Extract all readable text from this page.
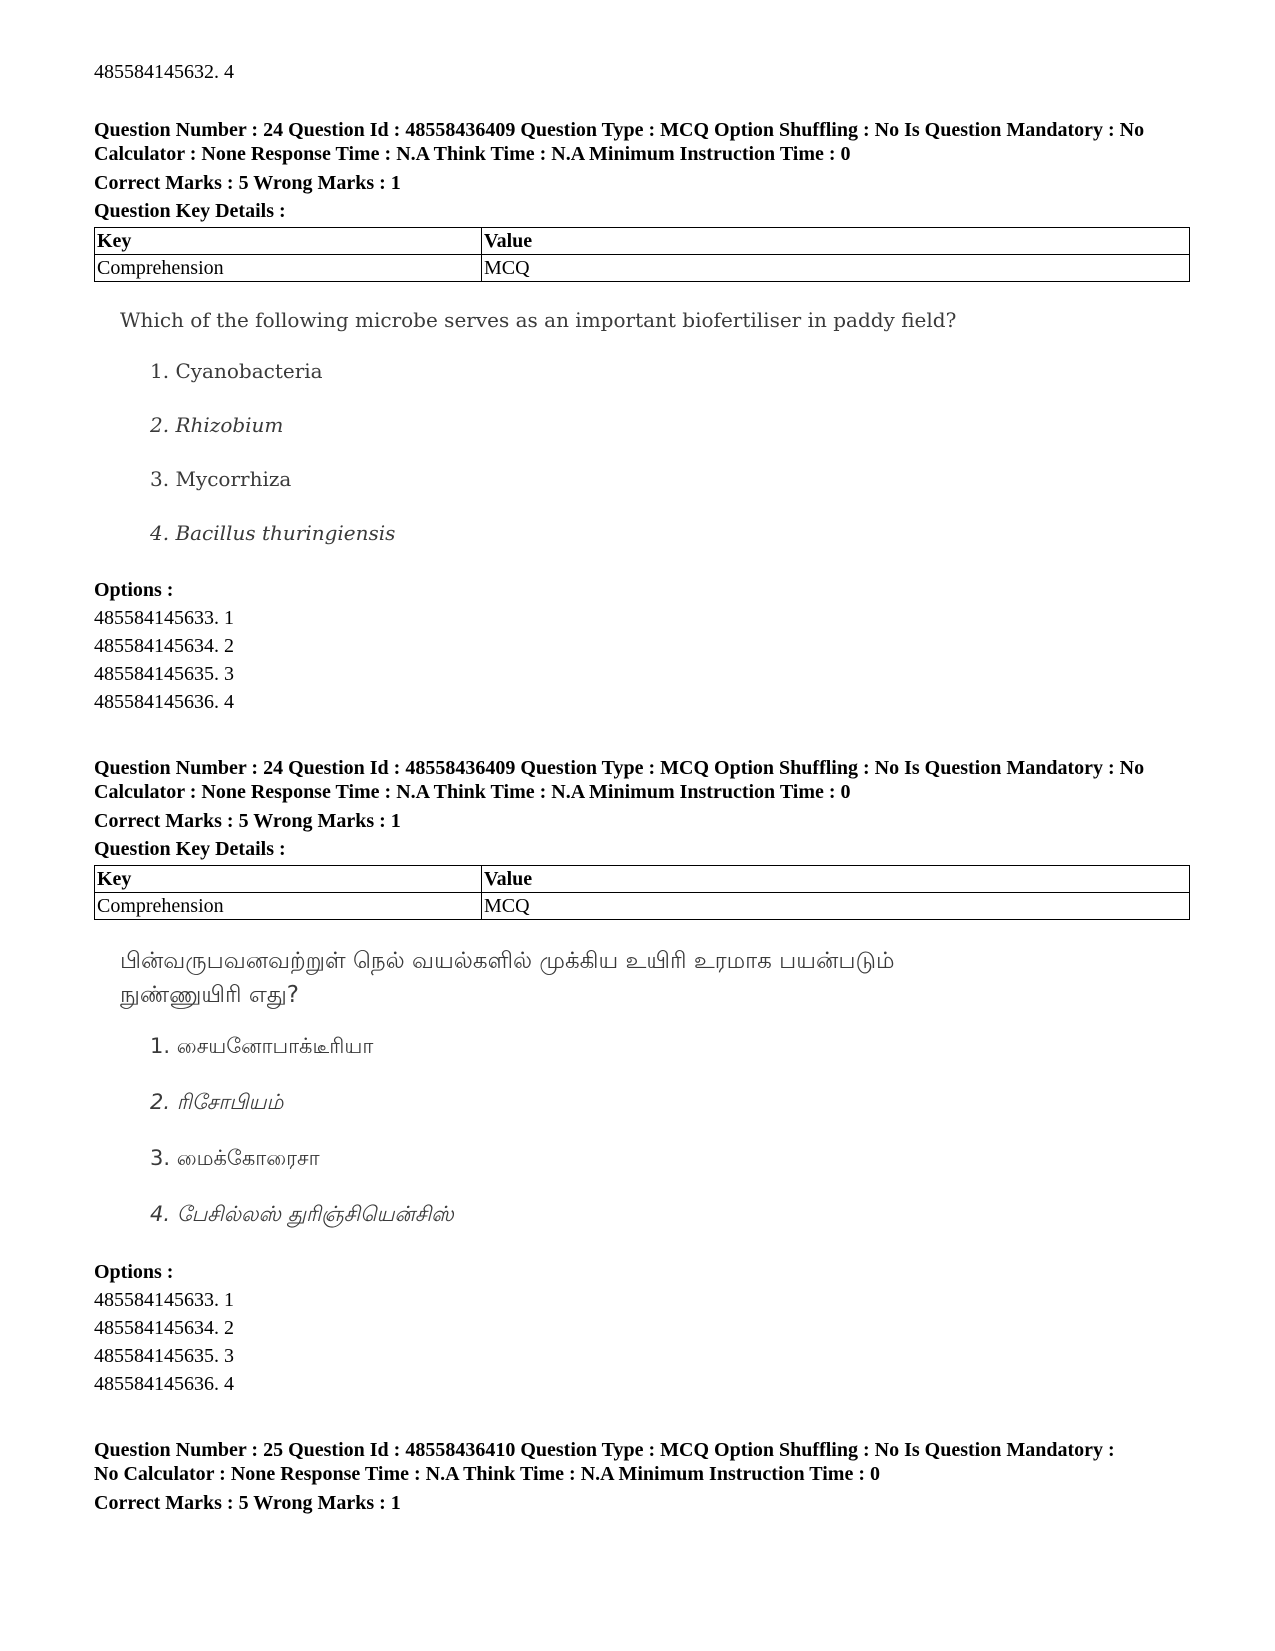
485584145632. 4
Question Number : 24 Question Id : 48558436409 Question Type : MCQ Option Shuffling : No Is Question Mandatory : No Calculator : None Response Time : N.A Think Time : N.A Minimum Instruction Time : 0
Correct Marks : 5 Wrong Marks : 1
Question Key Details :
Key	Value
Comprehension	MCQ
Which of the following microbe serves as an important biofertiliser in paddy field?
1. Cyanobacteria
2. Rhizobium
3. Mycorrhiza
4. Bacillus thuringiensis
Options :
485584145633. 1
485584145634. 2
485584145635. 3
485584145636. 4
Question Number : 24 Question Id : 48558436409 Question Type : MCQ Option Shuffling : No Is Question Mandatory : No Calculator : None Response Time : N.A Think Time : N.A Minimum Instruction Time : 0
Correct Marks : 5 Wrong Marks : 1
Question Key Details :
Key	Value
Comprehension	MCQ
பின்வருபவனவற்றுள் நெல் வயல்களில் முக்கிய உயிரி உரமாக பயன்படும்
நுண்ணுயிரி எது?
1. சையனோபாக்டீரியா
2. ரிசோபியம்
3. மைக்கோரைசா
4. பேசில்லஸ் துரிஞ்சியென்சிஸ்
Options :
485584145633. 1
485584145634. 2
485584145635. 3
485584145636. 4
Question Number : 25 Question Id : 48558436410 Question Type : MCQ Option Shuffling : No Is Question Mandatory :
No Calculator : None Response Time : N.A Think Time : N.A Minimum Instruction Time : 0
Correct Marks : 5 Wrong Marks : 1
